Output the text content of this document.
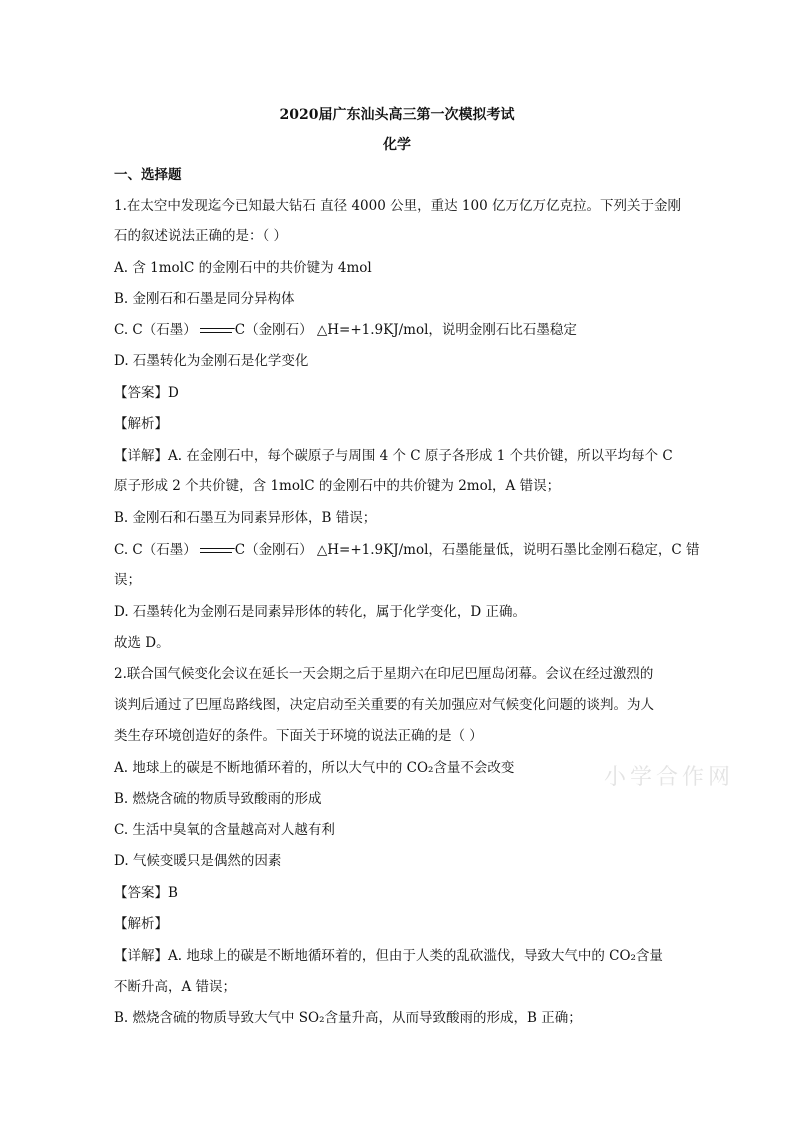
2020届广东汕头高三第一次模拟考试
化学
一、选择题
1.在太空中发现迄今已知最大钻石 直径 4000 公里，重达 100 亿万亿万亿克拉。下列关于金刚
石的叙述说法正确的是：（ ）
A. 含 1molC 的金刚石中的共价键为 4mol
B. 金刚石和石墨是同分异构体
C. C（石墨）	C（金刚石） △H=+1.9KJ/mol，说明金刚石比石墨稳定
D. 石墨转化为金刚石是化学变化
【答案】D
【解析】
【详解】A. 在金刚石中，每个碳原子与周围 4 个 C 原子各形成 1 个共价键，所以平均每个 C
原子形成 2 个共价键，含 1molC 的金刚石中的共价键为 2mol，A 错误；
B. 金刚石和石墨互为同素异形体，B 错误；
C. C（石墨）	C（金刚石） △H=+1.9KJ/mol，石墨能量低，说明石墨比金刚石稳定，C 错
误；
D. 石墨转化为金刚石是同素异形体的转化，属于化学变化，D 正确。
故选 D。
2.联合国气候变化会议在延长一天会期之后于星期六在印尼巴厘岛闭幕。会议在经过激烈的
谈判后通过了巴厘岛路线图，决定启动至关重要的有关加强应对气候变化问题的谈判。为人
类生存环境创造好的条件。下面关于环境的说法正确的是（ ）
A. 地球上的碳是不断地循环着的，所以大气中的 CO₂含量不会改变
B. 燃烧含硫的物质导致酸雨的形成
C. 生活中臭氧的含量越高对人越有利
D. 气候变暖只是偶然的因素
【答案】B
【解析】
【详解】A. 地球上的碳是不断地循环着的，但由于人类的乱砍滥伐，导致大气中的 CO₂含量
不断升高，A 错误；
B. 燃烧含硫的物质导致大气中 SO₂含量升高，从而导致酸雨的形成，B 正确；
小学合作网
